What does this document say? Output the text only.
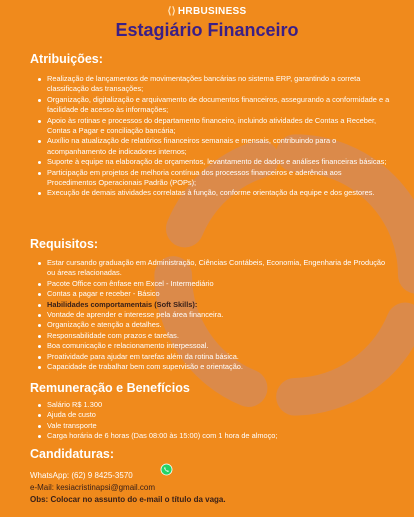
⟨⟩ HRBUSINESS
Estagiário Financeiro
Atribuições:
Realização de lançamentos de movimentações bancárias no sistema ERP, garantindo a correta classificação das transações;
Organização, digitalização e arquivamento de documentos financeiros, assegurando a conformidade e a facilidade de acesso às informações;
Apoio às rotinas e processos do departamento financeiro, incluindo atividades de Contas a Receber, Contas a Pagar e conciliação bancária;
Auxílio na atualização de relatórios financeiros semanais e mensais, contribuindo para o acompanhamento de indicadores internos;
Suporte à equipe na elaboração de orçamentos, levantamento de dados e análises financeiras básicas;
Participação em projetos de melhoria contínua dos processos financeiros e aderência aos Procedimentos Operacionais Padrão (POPs);
Execução de demais atividades correlatas à função, conforme orientação da equipe e dos gestores.
Requisitos:
Estar cursando graduação em Administração, Ciências Contábeis, Economia, Engenharia de Produção ou áreas relacionadas.
Pacote Office com ênfase em Excel - Intermediário
Contas a pagar e receber - Básico
Habilidades comportamentais (Soft Skills):
Vontade de aprender e interesse pela área financeira.
Organização e atenção a detalhes.
Responsabilidade com prazos e tarefas.
Boa comunicação e relacionamento interpessoal.
Proatividade para ajudar em tarefas além da rotina básica.
Capacidade de trabalhar bem com supervisão e orientação.
Remuneração e Benefícios
Salário R$ 1.300
Ajuda de custo
Vale transporte
Carga horária de 6 horas (Das 08:00 às 15:00) com 1 hora de almoço;
Candidaturas:
WhatsApp: (62) 9 8425-3570
e-Mail: kesiacristinapsi@gmail.com
Obs: Colocar no assunto do e-mail o título da vaga.
